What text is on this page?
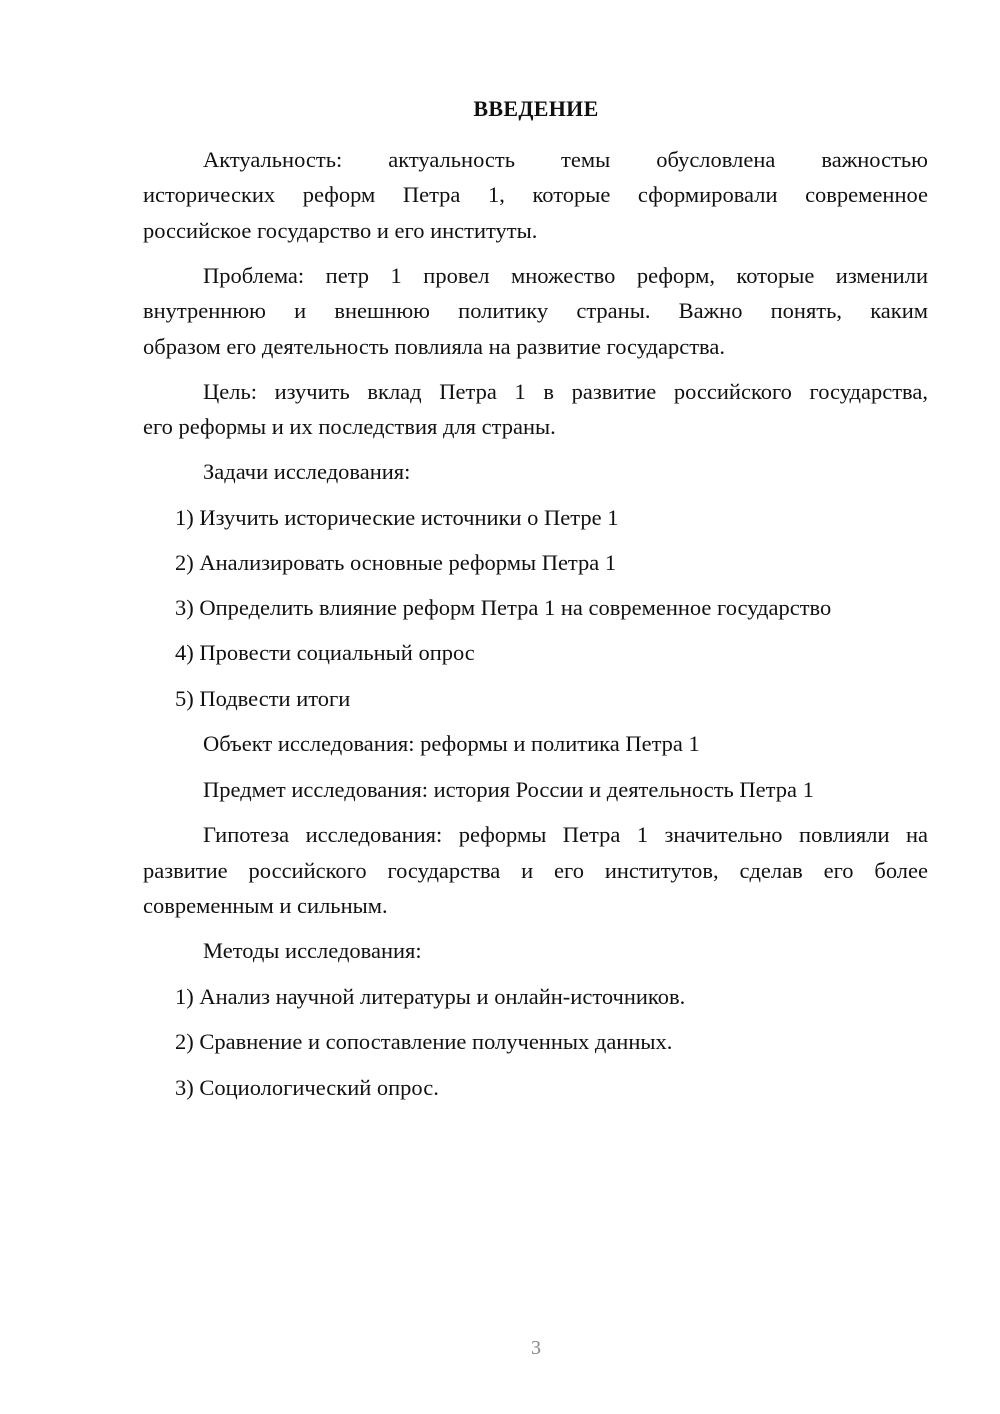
ВВЕДЕНИЕ
Актуальность: актуальность темы обусловлена важностью
исторических реформ Петра 1, которые сформировали современное
российское государство и его институты.
Проблема: петр 1 провел множество реформ, которые изменили
внутреннюю и внешнюю политику страны. Важно понять, каким
образом его деятельность повлияла на развитие государства.
Цель: изучить вклад Петра 1 в развитие российского государства,
его реформы и их последствия для страны.
Задачи исследования:
1) Изучить исторические источники о Петре 1
2) Анализировать основные реформы Петра 1
3) Определить влияние реформ Петра 1 на современное государство
4) Провести социальный опрос
5) Подвести итоги
Объект исследования: реформы и политика Петра 1
Предмет исследования: история России и деятельность Петра 1
Гипотеза исследования: реформы Петра 1 значительно повлияли на
развитие российского государства и его институтов, сделав его более
современным и сильным.
Методы исследования:
1) Анализ научной литературы и онлайн-источников.
2) Сравнение и сопоставление полученных данных.
3) Социологический опрос.
3
